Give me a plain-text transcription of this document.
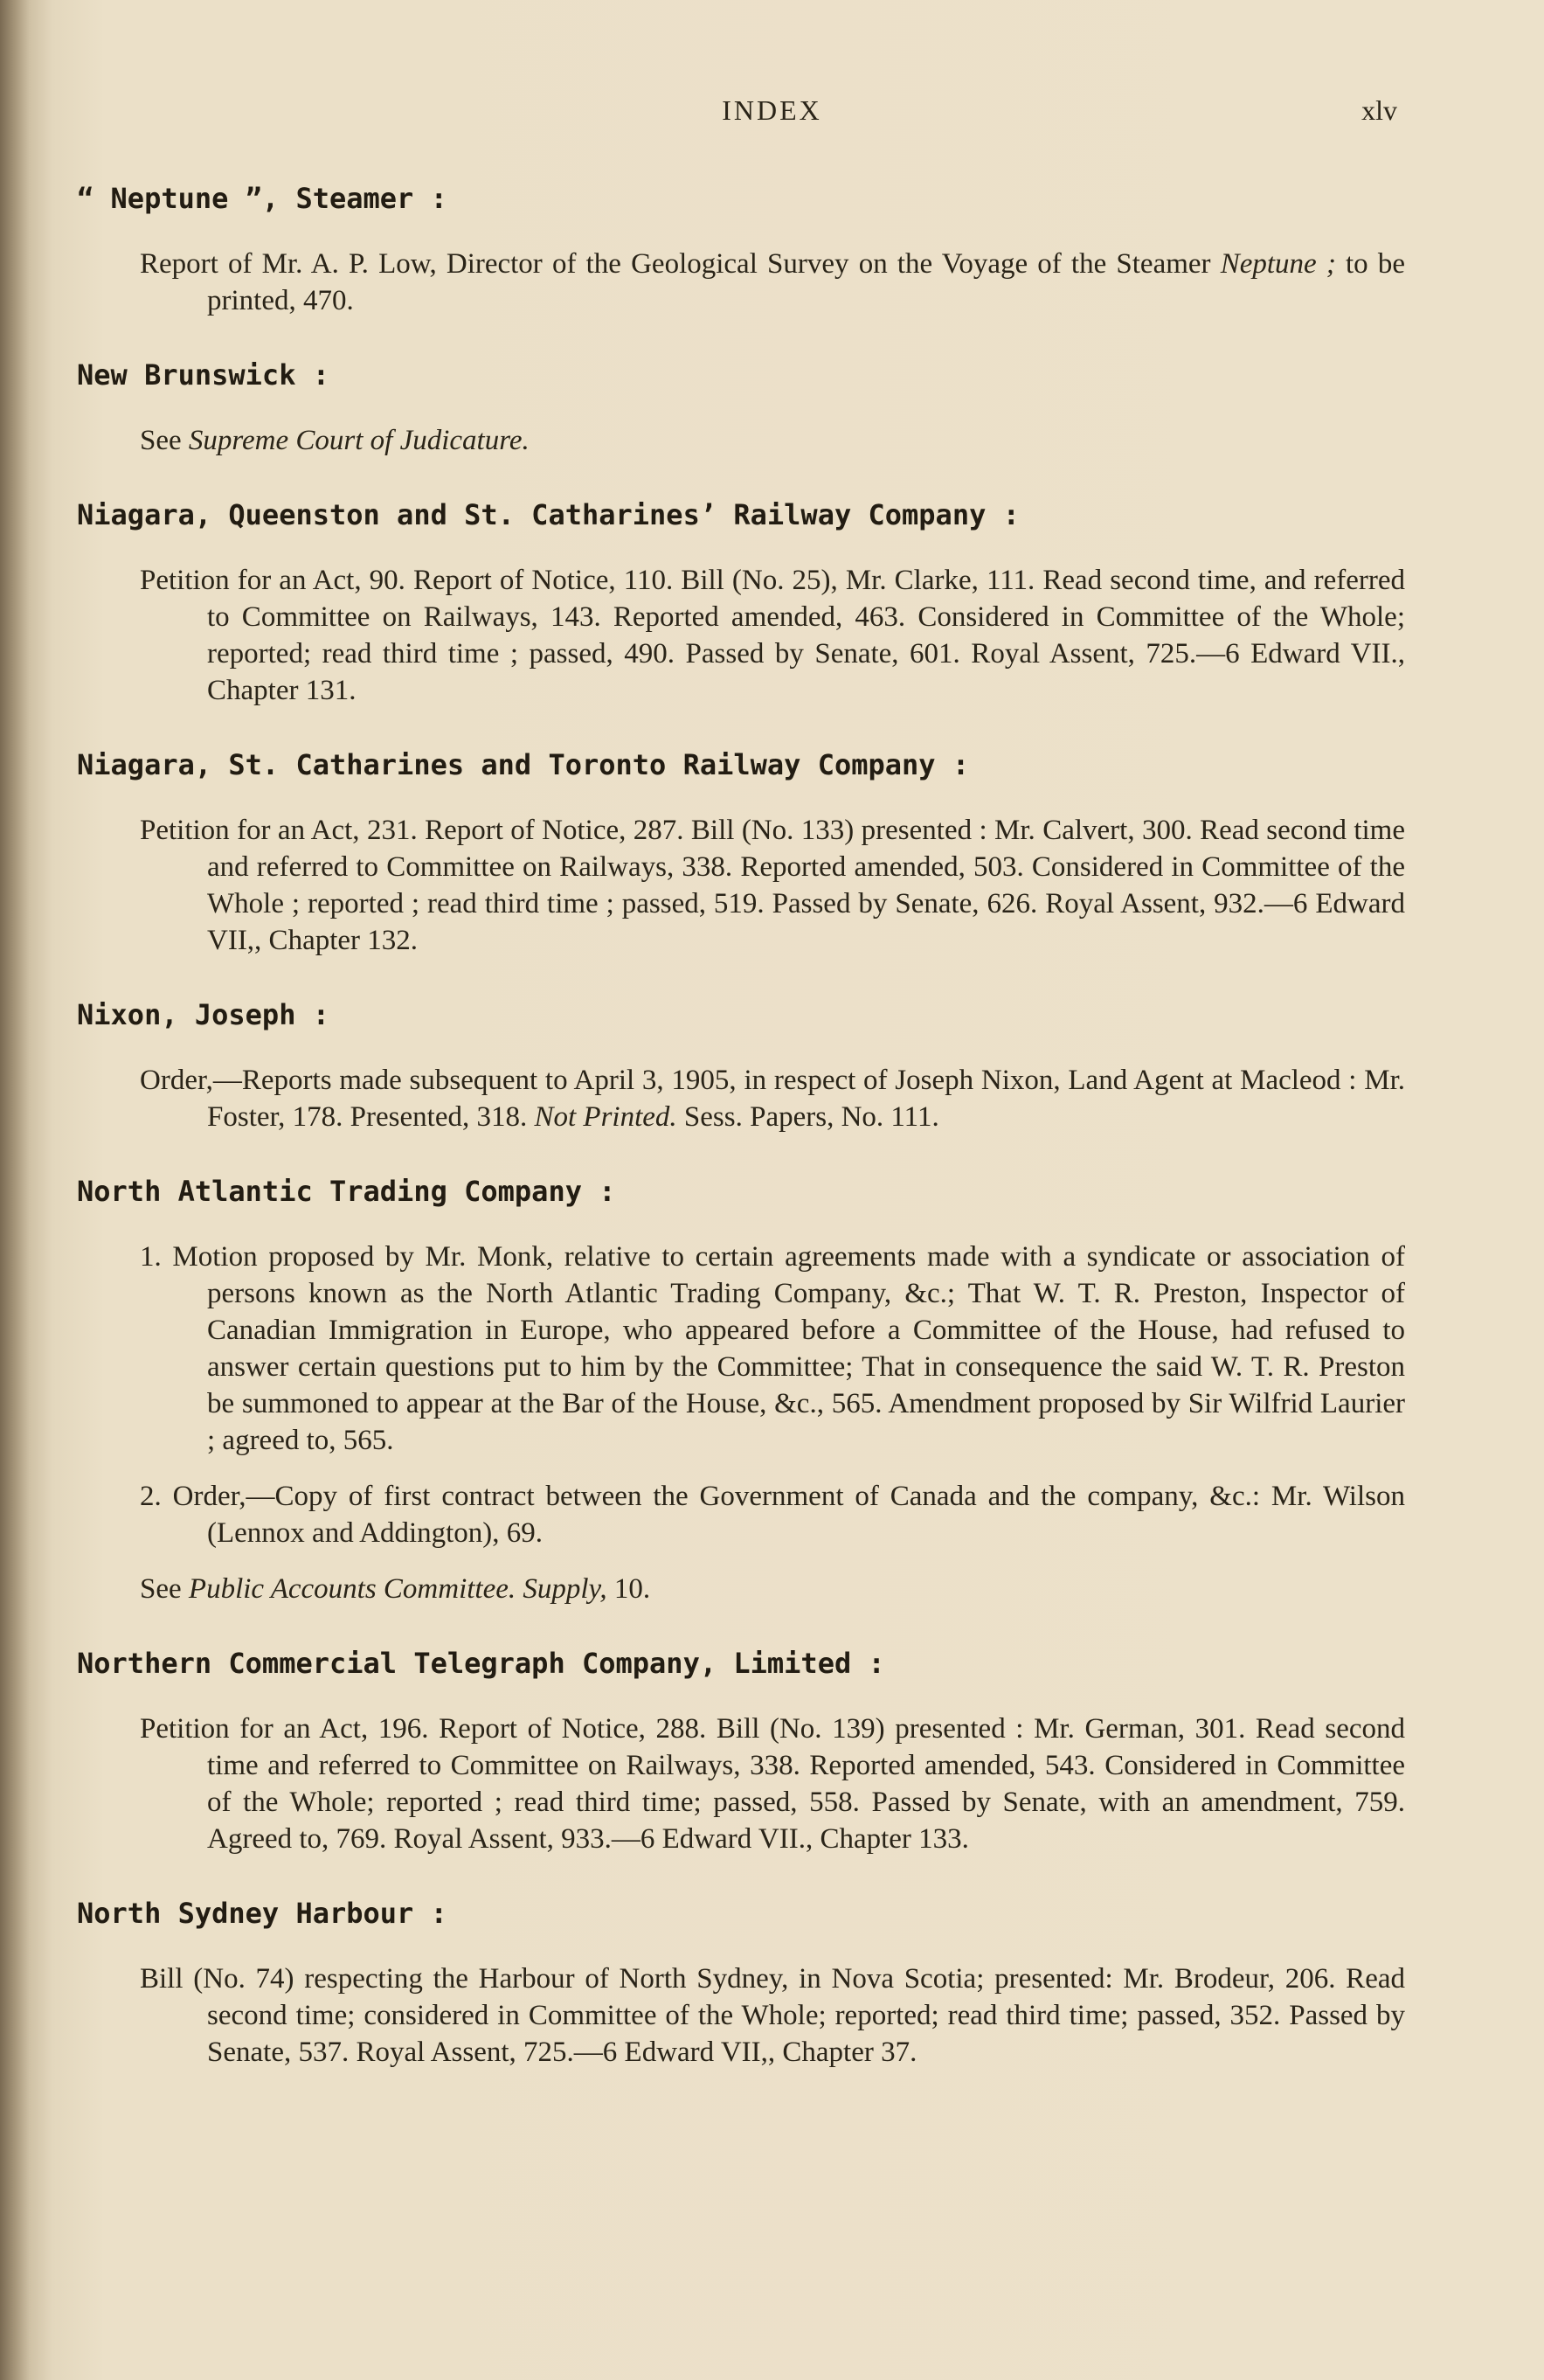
INDEX	xlv
“ Neptune ”, Steamer :
Report of Mr. A. P. Low, Director of the Geological Survey on the Voyage of the Steamer Neptune ; to be printed, 470.
New Brunswick :
See Supreme Court of Judicature.
Niagara, Queenston and St. Catharines’ Railway Company :
Petition for an Act, 90. Report of Notice, 110. Bill (No. 25), Mr. Clarke, 111. Read second time, and referred to Committee on Railways, 143. Reported amended, 463. Considered in Committee of the Whole; reported; read third time ; passed, 490. Passed by Senate, 601. Royal Assent, 725.—6 Edward VII., Chapter 131.
Niagara, St. Catharines and Toronto Railway Company :
Petition for an Act, 231. Report of Notice, 287. Bill (No. 133) presented : Mr. Calvert, 300. Read second time and referred to Committee on Railways, 338. Reported amended, 503. Considered in Committee of the Whole ; reported ; read third time ; passed, 519. Passed by Senate, 626. Royal Assent, 932.—6 Edward VII,, Chapter 132.
Nixon, Joseph :
Order,—Reports made subsequent to April 3, 1905, in respect of Joseph Nixon, Land Agent at Macleod : Mr. Foster, 178. Presented, 318. Not Printed. Sess. Papers, No. 111.
North Atlantic Trading Company :
1. Motion proposed by Mr. Monk, relative to certain agreements made with a syndicate or association of persons known as the North Atlantic Trading Company, &c.; That W. T. R. Preston, Inspector of Canadian Immigration in Europe, who appeared before a Committee of the House, had refused to answer certain questions put to him by the Committee; That in consequence the said W. T. R. Preston be summoned to appear at the Bar of the House, &c., 565. Amendment proposed by Sir Wilfrid Laurier ; agreed to, 565.
2. Order,—Copy of first contract between the Government of Canada and the company, &c.: Mr. Wilson (Lennox and Addington), 69.
See Public Accounts Committee. Supply, 10.
Northern Commercial Telegraph Company, Limited :
Petition for an Act, 196. Report of Notice, 288. Bill (No. 139) presented : Mr. German, 301. Read second time and referred to Committee on Railways, 338. Reported amended, 543. Considered in Committee of the Whole; reported ; read third time; passed, 558. Passed by Senate, with an amendment, 759. Agreed to, 769. Royal Assent, 933.—6 Edward VII., Chapter 133.
North Sydney Harbour :
Bill (No. 74) respecting the Harbour of North Sydney, in Nova Scotia; presented: Mr. Brodeur, 206. Read second time; considered in Committee of the Whole; reported; read third time; passed, 352. Passed by Senate, 537. Royal Assent, 725.—6 Edward VII,, Chapter 37.
